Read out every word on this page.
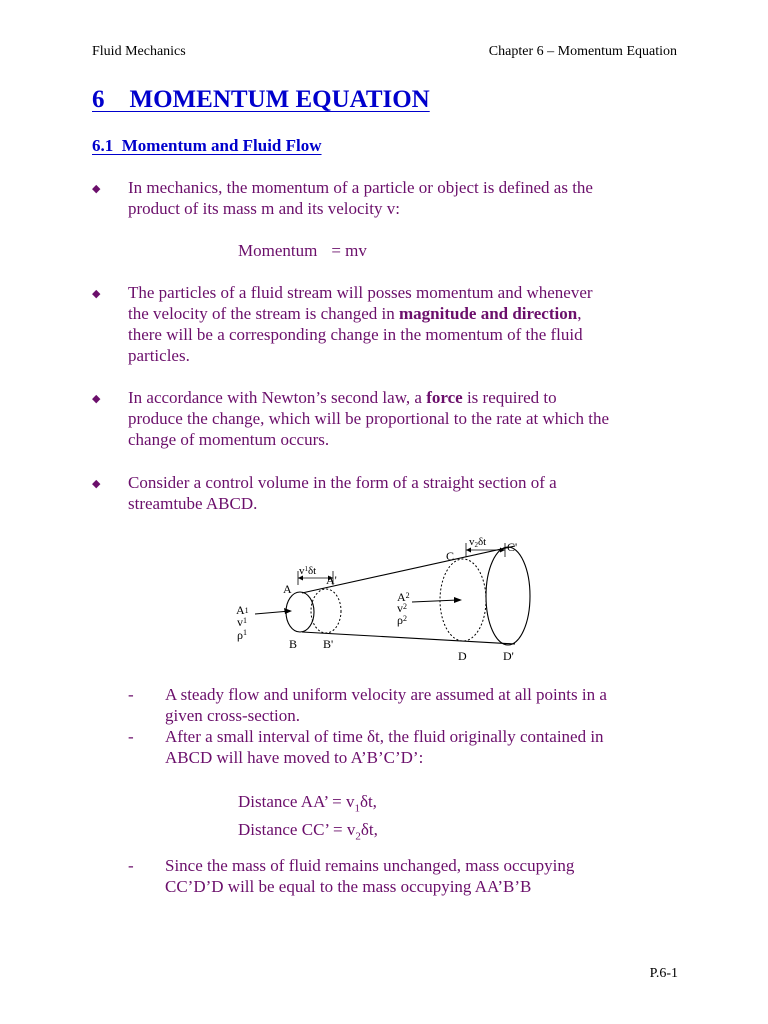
Fluid Mechanics	Chapter 6 – Momentum Equation
6    MOMENTUM EQUATION
6.1  Momentum and Fluid Flow
◆ In mechanics, the momentum of a particle or object is defined as the
product of its mass m and its velocity v:
Momentum = mv
◆ The particles of a fluid stream will posses momentum and whenever
the velocity of the stream is changed in magnitude and direction,
there will be a corresponding change in the momentum of the fluid
particles.
◆ In accordance with Newton’s second law, a force is required to
produce the change, which will be proportional to the rate at which the
change of momentum occurs.
◆ Consider a control volume in the form of a straight section of a
streamtube ABCD.
A
B
A'
B'
C
C'
D	D'
$v^1\delta t$
v2δt
A1
$v^1$
$\rho^1$
$A^2$
$v^2$
$\rho^2$
- A steady flow and uniform velocity are assumed at all points in a
given cross-section.
- After a small interval of time δt, the fluid originally contained in
ABCD will have moved to A’B’C’D’:
Distance AA’ = $v_1\delta t$,
Distance CC’ = $v_2\delta t$,
- Since the mass of fluid remains unchanged, mass occupying
CC’D’D will be equal to the mass occupying AA’B’B
P.6-1
